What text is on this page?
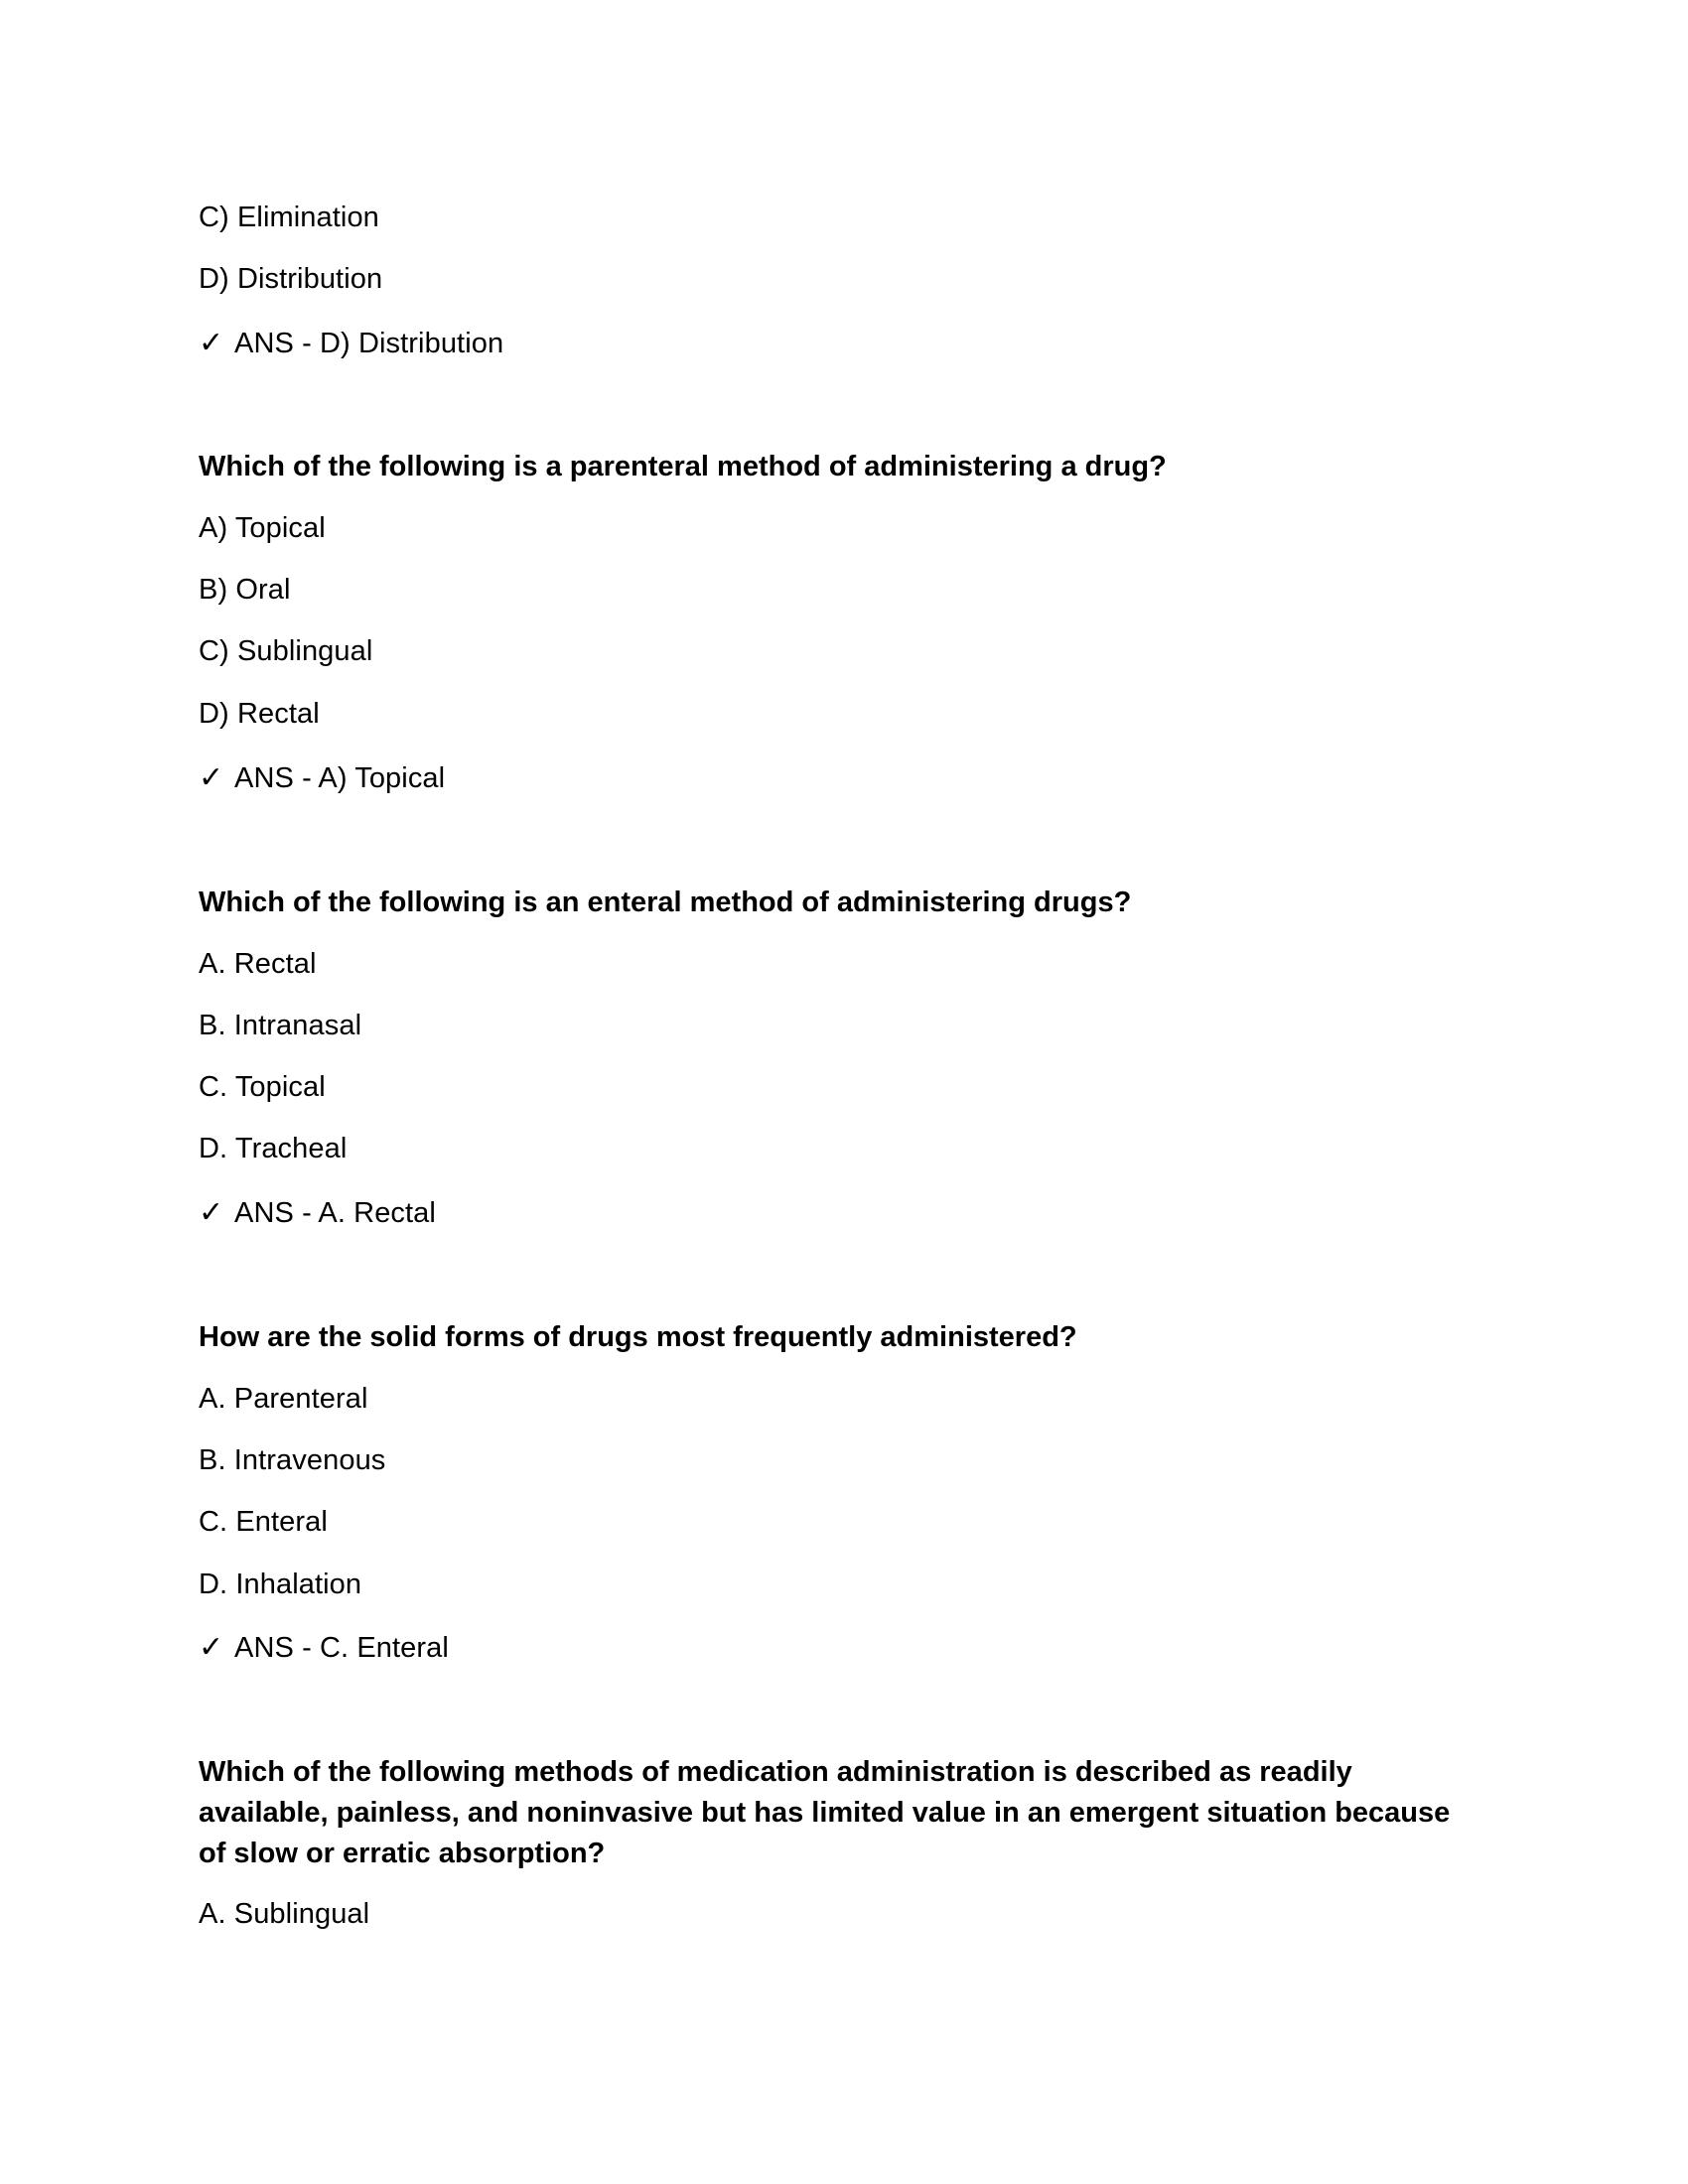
C) Elimination
D) Distribution
✓ ANS - D) Distribution
Which of the following is a parenteral method of administering a drug?
A) Topical
B) Oral
C) Sublingual
D) Rectal
✓ ANS - A) Topical
Which of the following is an enteral method of administering drugs?
A. Rectal
B. Intranasal
C. Topical
D. Tracheal
✓ ANS - A. Rectal
How are the solid forms of drugs most frequently administered?
A. Parenteral
B. Intravenous
C. Enteral
D. Inhalation
✓ ANS - C. Enteral
Which of the following methods of medication administration is described as readily available, painless, and noninvasive but has limited value in an emergent situation because of slow or erratic absorption?
A. Sublingual
